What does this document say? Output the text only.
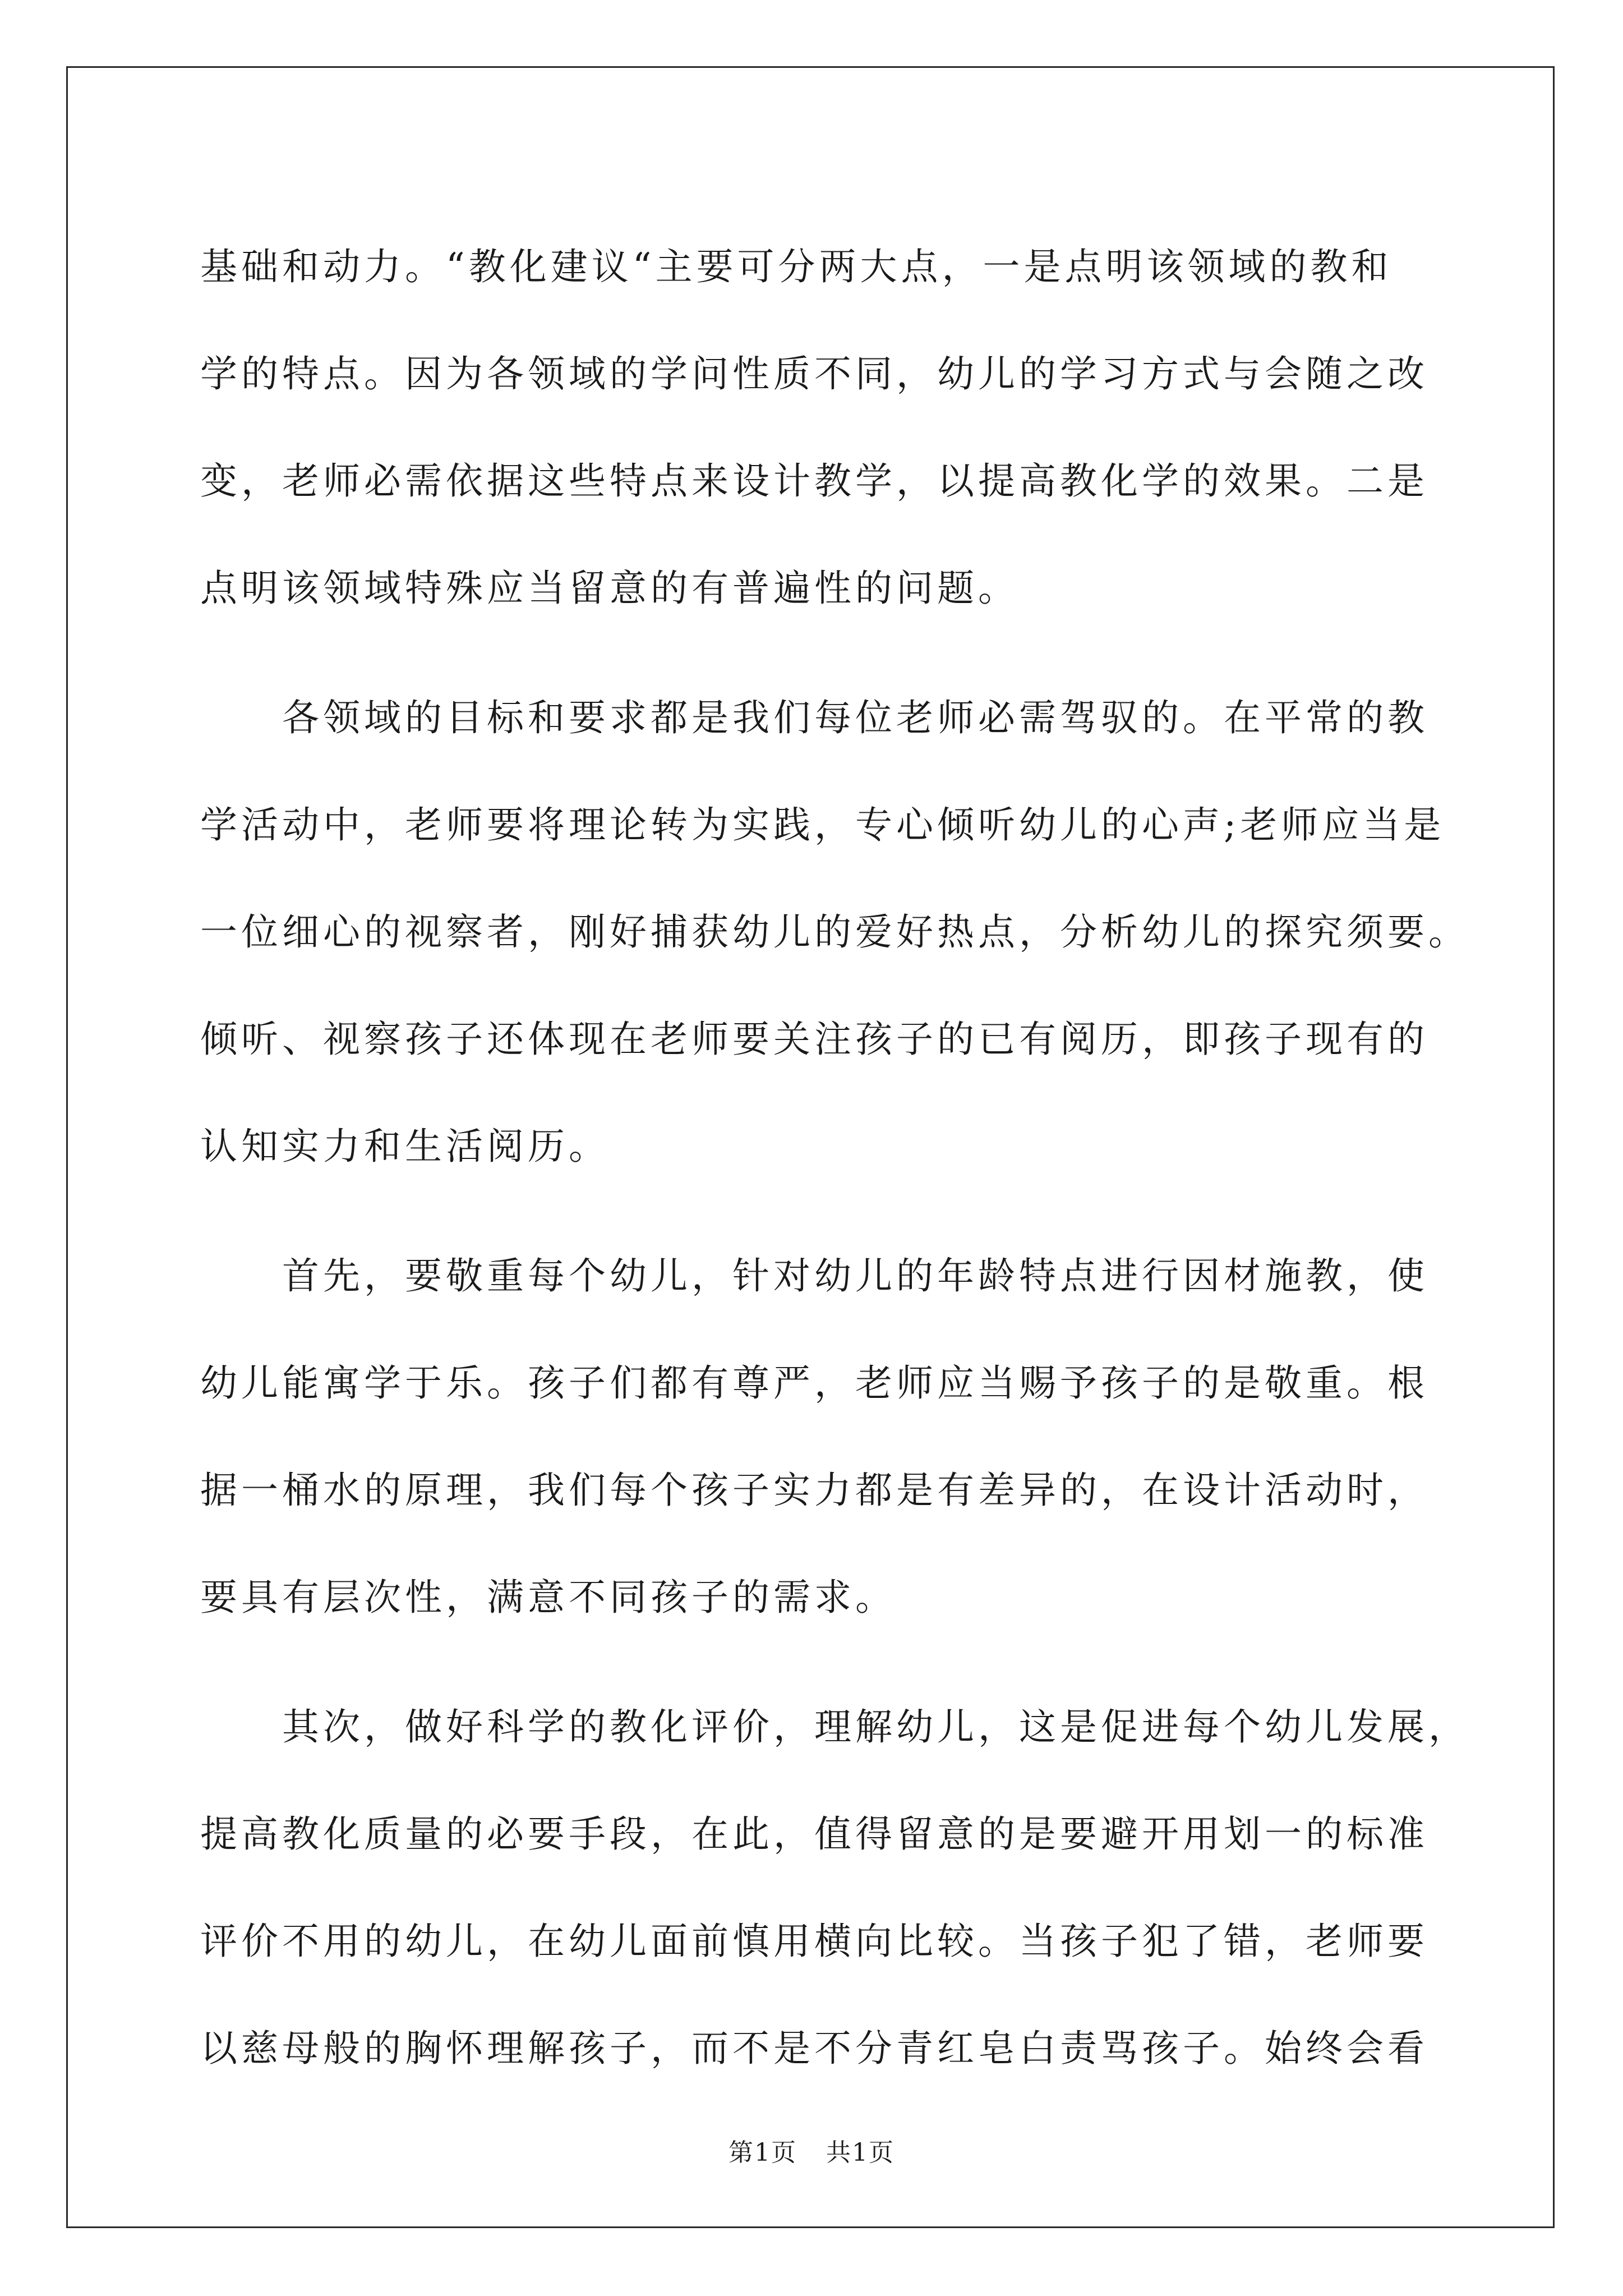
基础和动力。“教化建议“主要可分两大点，一是点明该领域的教和
学的特点。因为各领域的学问性质不同，幼儿的学习方式与会随之改
变，老师必需依据这些特点来设计教学，以提高教化学的效果。二是
点明该领域特殊应当留意的有普遍性的问题。
各领域的目标和要求都是我们每位老师必需驾驭的。在平常的教
学活动中，老师要将理论转为实践，专心倾听幼儿的心声;老师应当是
一位细心的视察者，刚好捕获幼儿的爱好热点，分析幼儿的探究须要。
倾听、视察孩子还体现在老师要关注孩子的已有阅历，即孩子现有的
认知实力和生活阅历。
首先，要敬重每个幼儿，针对幼儿的年龄特点进行因材施教，使
幼儿能寓学于乐。孩子们都有尊严，老师应当赐予孩子的是敬重。根
据一桶水的原理，我们每个孩子实力都是有差异的，在设计活动时，
要具有层次性，满意不同孩子的需求。
其次，做好科学的教化评价，理解幼儿，这是促进每个幼儿发展，
提高教化质量的必要手段，在此，值得留意的是要避开用划一的标准
评价不用的幼儿，在幼儿面前慎用横向比较。当孩子犯了错，老师要
以慈母般的胸怀理解孩子，而不是不分青红皂白责骂孩子。始终会看
第1页 共1页
